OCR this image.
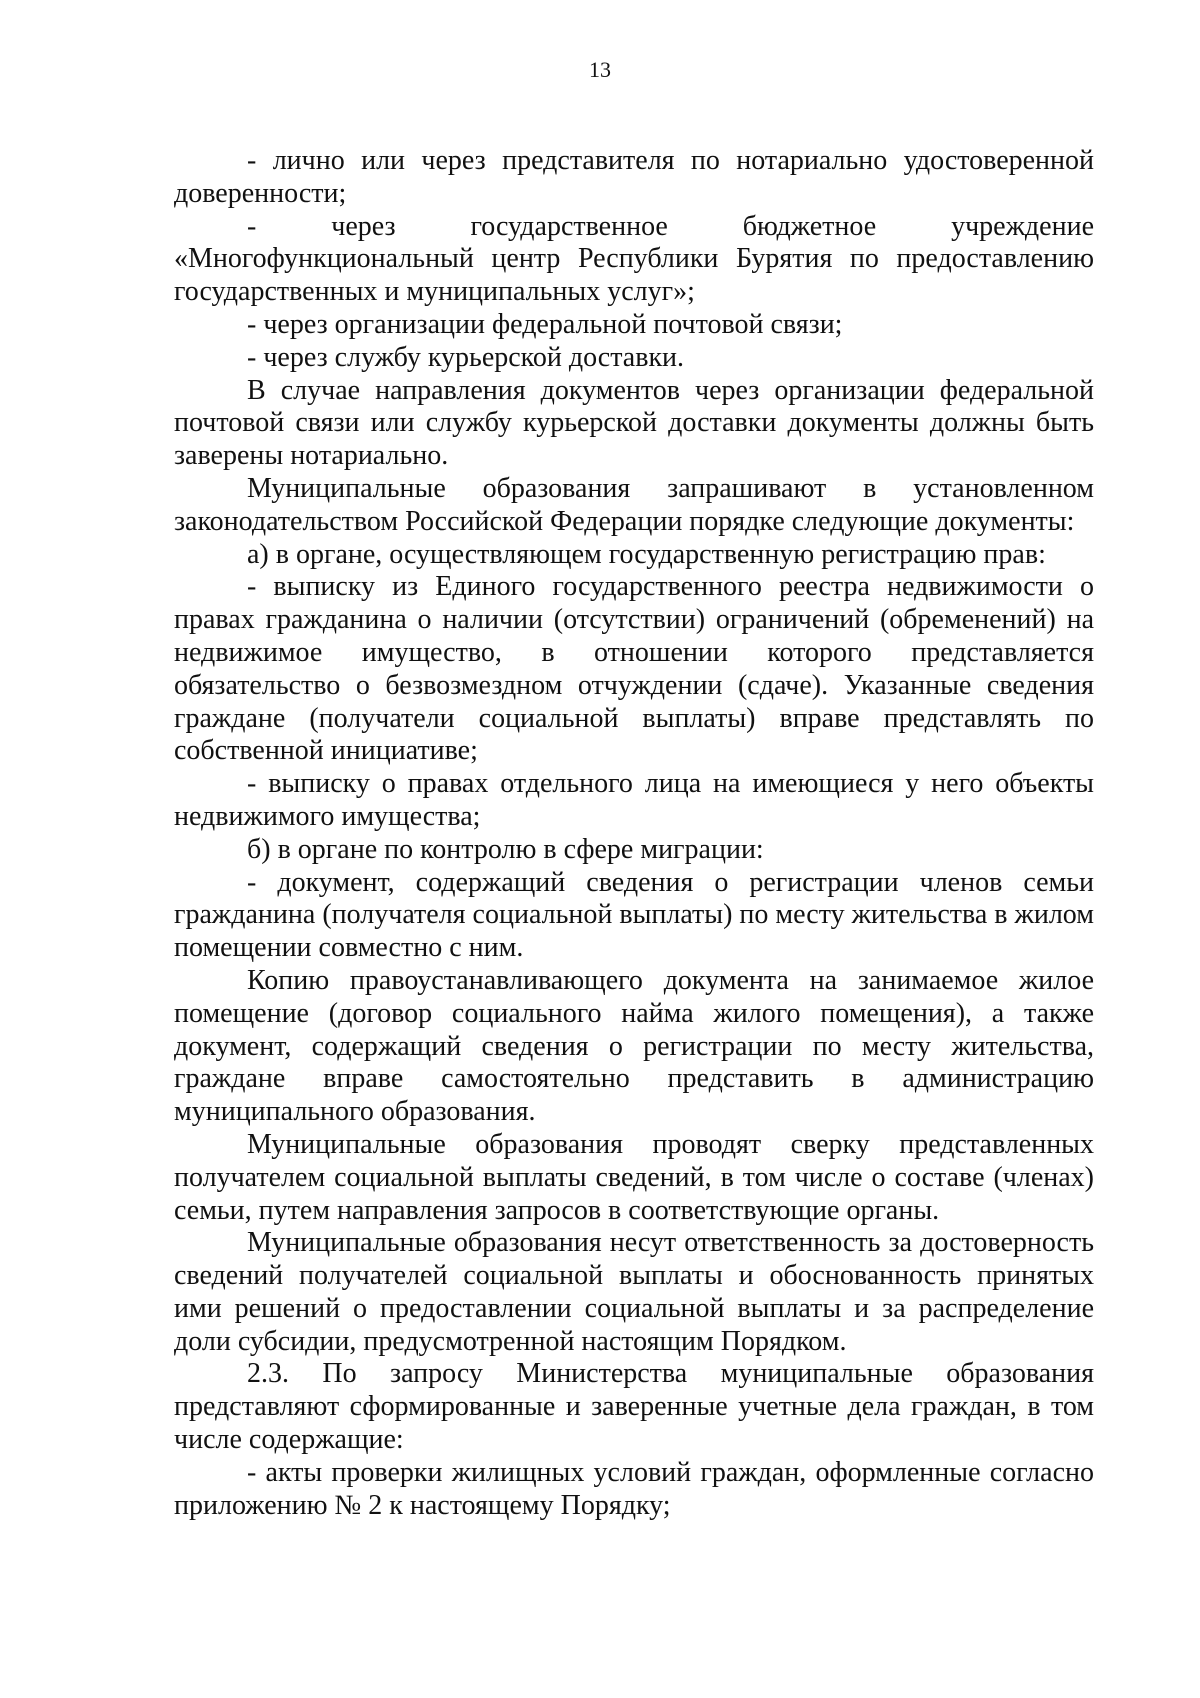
13

- лично или через представителя по нотариально удостоверенной доверенности;

- через государственное бюджетное учреждение «Многофункциональный центр Республики Бурятия по предоставлению государственных и муниципальных услуг»;

- через организации федеральной почтовой связи;

- через службу курьерской доставки.

В случае направления документов через организации федеральной почтовой связи или службу курьерской доставки документы должны быть заверены нотариально.

Муниципальные образования запрашивают в установленном законодательством Российской Федерации порядке следующие документы:

а) в органе, осуществляющем государственную регистрацию прав:

- выписку из Единого государственного реестра недвижимости о правах гражданина о наличии (отсутствии) ограничений (обременений) на недвижимое имущество, в отношении которого представляется обязательство о безвозмездном отчуждении (сдаче). Указанные сведения граждане (получатели социальной выплаты) вправе представлять по собственной инициативе;

- выписку о правах отдельного лица на имеющиеся у него объекты недвижимого имущества;

б) в органе по контролю в сфере миграции:

- документ, содержащий сведения о регистрации членов семьи гражданина (получателя социальной выплаты) по месту жительства в жилом помещении совместно с ним.

Копию правоустанавливающего документа на занимаемое жилое помещение (договор социального найма жилого помещения), а также документ, содержащий сведения о регистрации по месту жительства, граждане вправе самостоятельно представить в администрацию муниципального образования.

Муниципальные образования проводят сверку представленных получателем социальной выплаты сведений, в том числе о составе (членах) семьи, путем направления запросов в соответствующие органы.

Муниципальные образования несут ответственность за достоверность сведений получателей социальной выплаты и обоснованность принятых ими решений о предоставлении социальной выплаты и за распределение доли субсидии, предусмотренной настоящим Порядком.

2.3. По запросу Министерства муниципальные образования представляют сформированные и заверенные учетные дела граждан, в том числе содержащие:

- акты проверки жилищных условий граждан, оформленные согласно приложению № 2 к настоящему Порядку;
